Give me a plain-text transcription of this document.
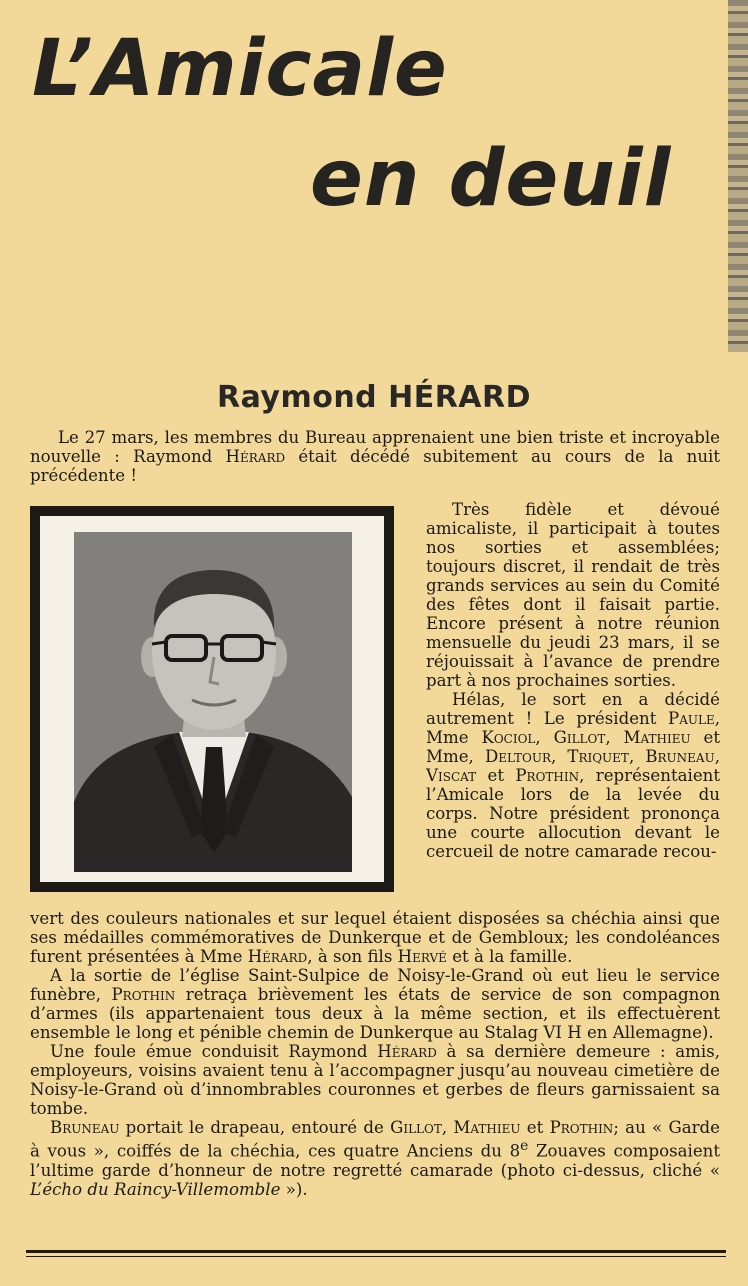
L’Amicale
en deuil
Raymond HÉRARD

Le 27 mars, les membres du Bureau apprenaient une bien triste et incroyable nouvelle : Raymond Hérard était décédé subitement au cours de la nuit précédente !

Très fidèle et dévoué amicaliste, il participait à toutes nos sorties et assemblées; toujours discret, il rendait de très grands services au sein du Comité des fêtes dont il faisait partie. Encore présent à notre réunion mensuelle du jeudi 23 mars, il se réjouissait à l’avance de prendre part à nos prochaines sorties.

Hélas, le sort en a décidé autrement ! Le président Paule, Mme Kociol, Gillot, Mathieu et Mme, Deltour, Triquet, Bruneau, Viscat et Prothin, représentaient l’Amicale lors de la levée du corps. Notre président prononça une courte allocution devant le cercueil de notre camarade recou-

vert des couleurs nationales et sur lequel étaient disposées sa chéchia ainsi que ses médailles commémoratives de Dunkerque et de Gembloux; les condoléances furent présentées à Mme Hérard, à son fils Hervé et à la famille.

A la sortie de l’église Saint-Sulpice de Noisy-le-Grand où eut lieu le service funèbre, Prothin retraça brièvement les états de service de son compagnon d’armes (ils appartenaient tous deux à la même section, et ils effectuèrent ensemble le long et pénible chemin de Dunkerque au Stalag VI H en Allemagne).

Une foule émue conduisit Raymond Hérard à sa dernière demeure : amis, employeurs, voisins avaient tenu à l’accompagner jusqu’au nouveau cimetière de Noisy-le-Grand où d’innombrables couronnes et gerbes de fleurs garnissaient sa tombe.

Bruneau portait le drapeau, entouré de Gillot, Mathieu et Prothin; au « Garde à vous », coiffés de la chéchia, ces quatre Anciens du 8e Zouaves composaient l’ultime garde d’honneur de notre regretté camarade (photo ci-dessus, cliché « L’écho du Raincy-Villemomble »).
